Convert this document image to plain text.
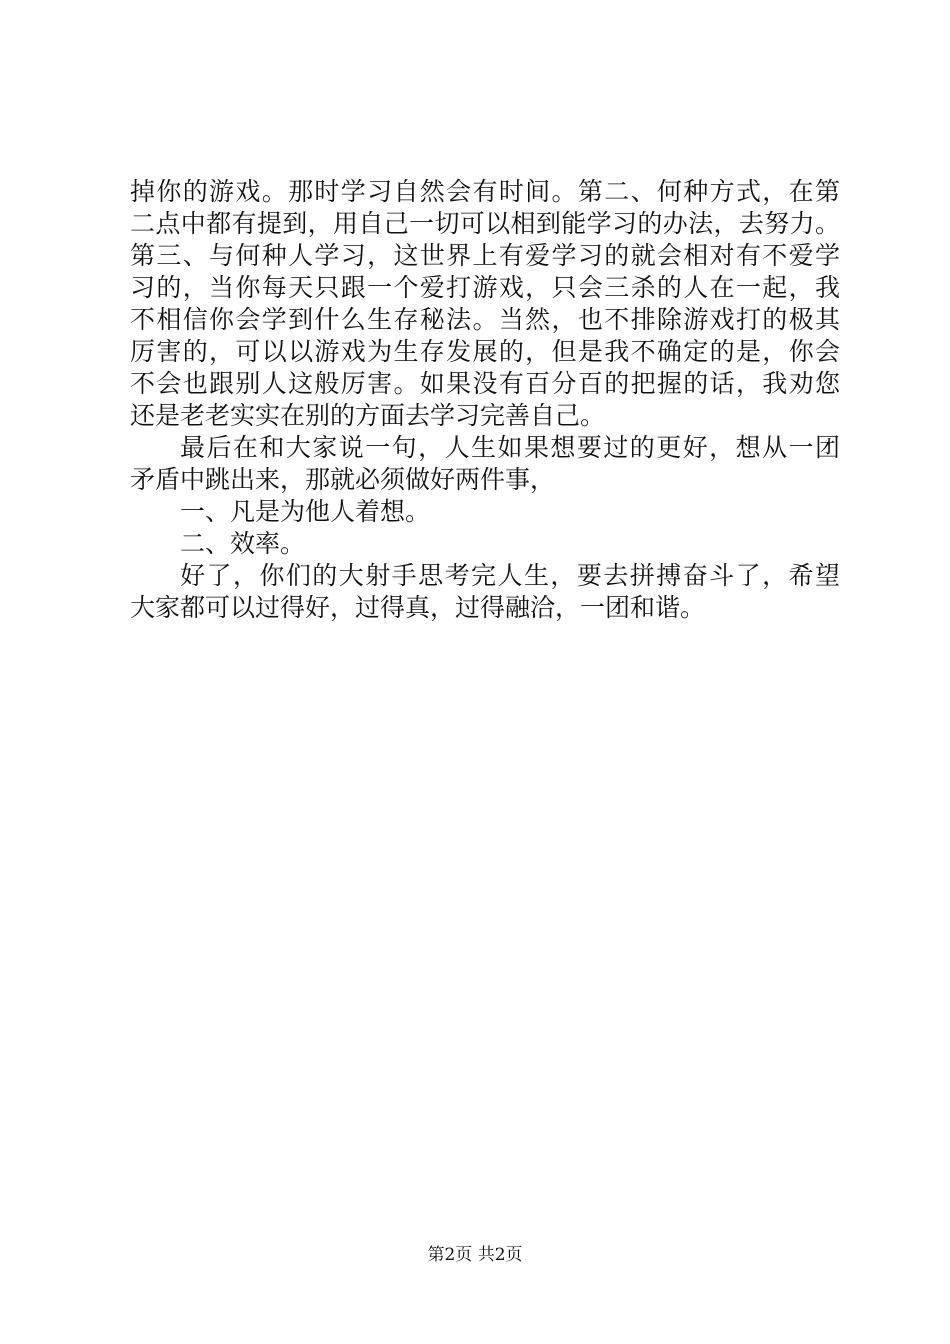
掉你的游戏。那时学习自然会有时间。第二、何种方式，在第
二点中都有提到，用自己一切可以相到能学习的办法，去努力。
第三、与何种人学习，这世界上有爱学习的就会相对有不爱学
习的，当你每天只跟一个爱打游戏，只会三杀的人在一起，我
不相信你会学到什么生存秘法。当然，也不排除游戏打的极其
厉害的，可以以游戏为生存发展的，但是我不确定的是，你会
不会也跟别人这般厉害。如果没有百分百的把握的话，我劝您
还是老老实实在别的方面去学习完善自己。
最后在和大家说一句，人生如果想要过的更好，想从一团
矛盾中跳出来，那就必须做好两件事，
一、凡是为他人着想。
二、效率。
好了，你们的大射手思考完人生，要去拼搏奋斗了，希望
大家都可以过得好，过得真，过得融洽，一团和谐。
第2页 共2页
